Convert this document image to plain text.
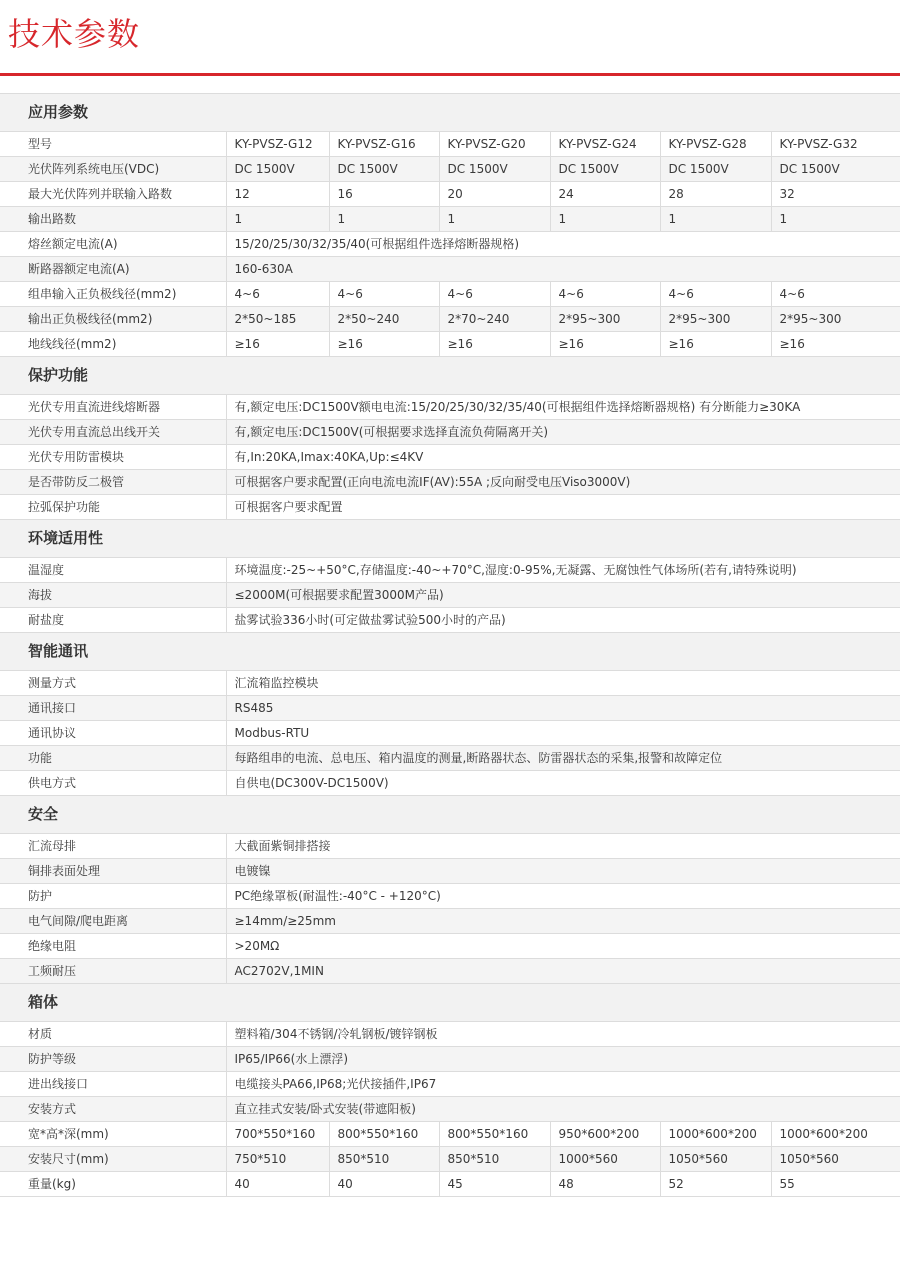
技术参数
应用参数						
型号	KY-PVSZ-G12	KY-PVSZ-G16	KY-PVSZ-G20	KY-PVSZ-G24	KY-PVSZ-G28	KY-PVSZ-G32
光伏阵列系统电压(VDC)	DC 1500V	DC 1500V	DC 1500V	DC 1500V	DC 1500V	DC 1500V
最大光伏阵列并联输入路数	12	16	20	24	28	32
输出路数	1	1	1	1	1	1
熔丝额定电流(A)	15/20/25/30/32/35/40(可根据组件选择熔断器规格)					
断路器额定电流(A)	160-630A					
组串输入正负极线径(mm2)	4~6	4~6	4~6	4~6	4~6	4~6
输出正负极线径(mm2)	2*50~185	2*50~240	2*70~240	2*95~300	2*95~300	2*95~300
地线线径(mm2)	≥16	≥16	≥16	≥16	≥16	≥16
保护功能						
光伏专用直流进线熔断器	有,额定电压:DC1500V额电电流:15/20/25/30/32/35/40(可根据组件选择熔断器规格) 有分断能力≥30KA					
光伏专用直流总出线开关	有,额定电压:DC1500V(可根据要求选择直流负荷隔离开关)					
光伏专用防雷模块	有,In:20KA,Imax:40KA,Up:≤4KV					
是否带防反二极管	可根据客户要求配置(正向电流电流IF(AV):55A ;反向耐受电压Viso3000V)					
拉弧保护功能	可根据客户要求配置					
环境适用性						
温湿度	环境温度:-25~+50°C,存储温度:-40~+70°C,湿度:0-95%,无凝露、无腐蚀性气体场所(若有,请特殊说明)					
海拔	≤2000M(可根据要求配置3000M产品)					
耐盐度	盐雾试验336小时(可定做盐雾试验500小时的产品)					
智能通讯						
测量方式	汇流箱监控模块					
通讯接口	RS485					
通讯协议	Modbus-RTU					
功能	每路组串的电流、总电压、箱内温度的测量,断路器状态、防雷器状态的采集,报警和故障定位					
供电方式	自供电(DC300V-DC1500V)					
安全						
汇流母排	大截面紫铜排搭接					
铜排表面处理	电镀镍					
防护	PC绝缘罩板(耐温性:-40°C - +120°C)					
电气间隙/爬电距离	≥14mm/≥25mm					
绝缘电阻	>20MΩ					
工频耐压	AC2702V,1MIN					
箱体						
材质	塑料箱/304不锈钢/冷轧钢板/镀锌钢板					
防护等级	IP65/IP66(水上漂浮)					
进出线接口	电缆接头PA66,IP68;光伏接插件,IP67					
安装方式	直立挂式安装/卧式安装(带遮阳板)					
宽*高*深(mm)	700*550*160	800*550*160	800*550*160	950*600*200	1000*600*200	1000*600*200
安装尺寸(mm)	750*510	850*510	850*510	1000*560	1050*560	1050*560
重量(kg)	40	40	45	48	52	55
